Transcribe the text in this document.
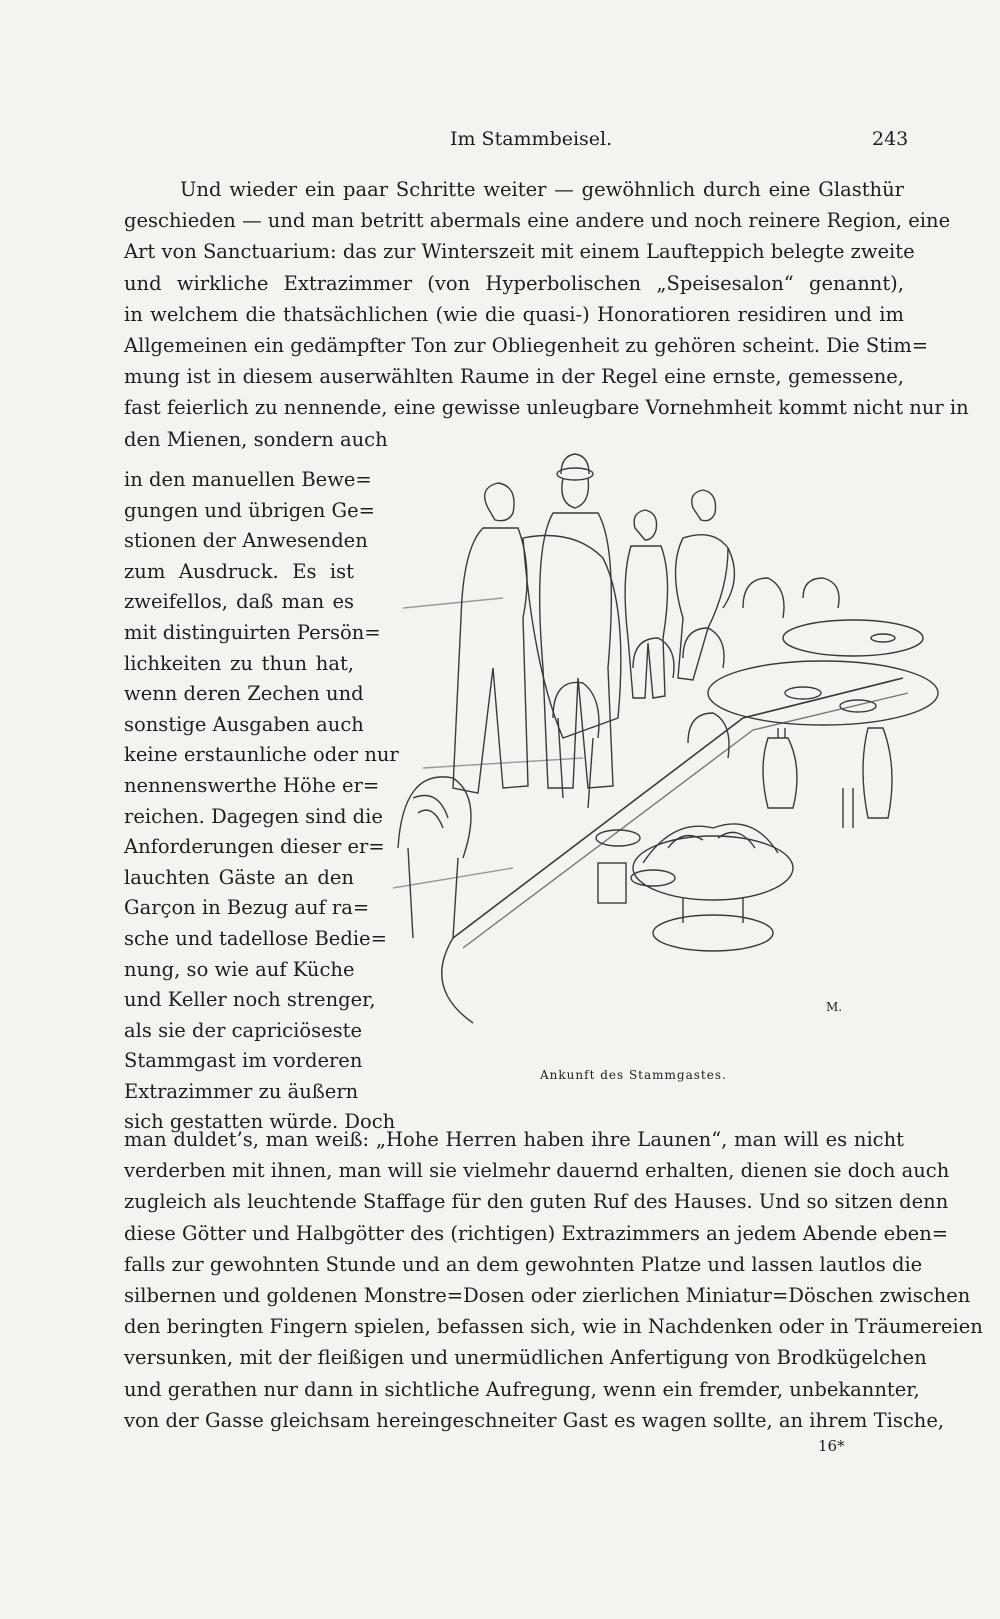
Im Stammbeisel.	243

Und wieder ein paar Schritte weiter — gewöhnlich durch eine Glasthür
geschieden — und man betritt abermals eine andere und noch reinere Region, eine
Art von Sanctuarium: das zur Winterszeit mit einem Laufteppich belegte zweite
und wirkliche Extrazimmer (von Hyperbolischen „Speisesalon“ genannt),
in welchem die thatsächlichen (wie die quasi-) Honoratioren residiren und im
Allgemeinen ein gedämpfter Ton zur Obliegenheit zu gehören scheint. Die Stim=
mung ist in diesem auserwählten Raume in der Regel eine ernste, gemessene,
fast feierlich zu nennende, eine gewisse unleugbare Vornehmheit kommt nicht nur in
den Mienen, sondern auch

in den manuellen Bewe=
gungen und übrigen Ge=
stionen der Anwesenden
zum Ausdruck. Es ist
zweifellos, daß man es
mit distinguirten Persön=
lichkeiten zu thun hat,
wenn deren Zechen und
sonstige Ausgaben auch
keine erstaunliche oder nur
nennenswerthe Höhe er=
reichen. Dagegen sind die
Anforderungen dieser er=
lauchten Gäste an den
Garçon in Bezug auf ra=
sche und tadellose Bedie=
nung, so wie auf Küche
und Keller noch strenger,
als sie der capriciöseste
Stammgast im vorderen
Extrazimmer zu äußern
sich gestatten würde. Doch

M.
Ankunft des Stammgastes.

man duldet’s, man weiß: „Hohe Herren haben ihre Launen“, man will es nicht
verderben mit ihnen, man will sie vielmehr dauernd erhalten, dienen sie doch auch
zugleich als leuchtende Staffage für den guten Ruf des Hauses. Und so sitzen denn
diese Götter und Halbgötter des (richtigen) Extrazimmers an jedem Abende eben=
falls zur gewohnten Stunde und an dem gewohnten Platze und lassen lautlos die
silbernen und goldenen Monstre=Dosen oder zierlichen Miniatur=Döschen zwischen
den beringten Fingern spielen, befassen sich, wie in Nachdenken oder in Träumereien
versunken, mit der fleißigen und unermüdlichen Anfertigung von Brodkügelchen
und gerathen nur dann in sichtliche Aufregung, wenn ein fremder, unbekannter,
von der Gasse gleichsam hereingeschneiter Gast es wagen sollte, an ihrem Tische,

16*
